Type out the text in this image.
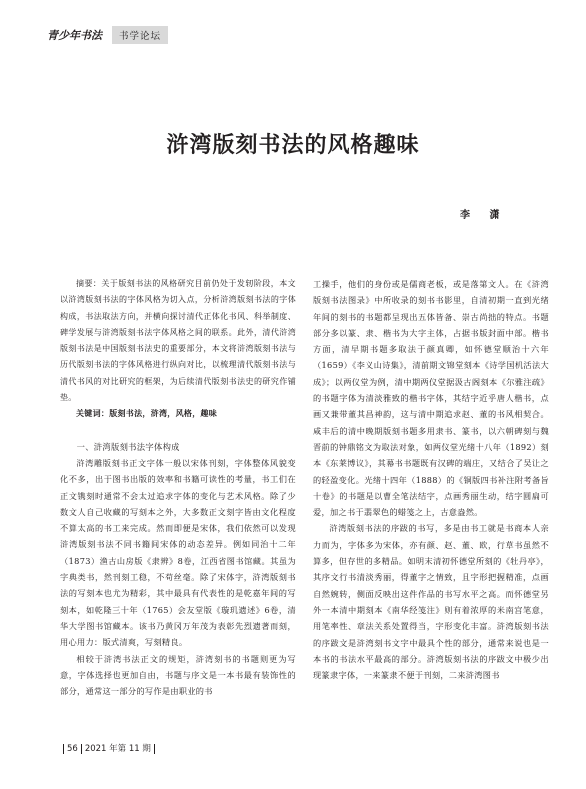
青少年书法	书学论坛
浒湾版刻书法的风格趣味
李 潇

摘要：关于版刻书法的风格研究目前仍处于发轫阶段，本文以浒湾版刻书法的字体风格为切入点，分析浒湾版刻书法的字体构成，书法取法方向，并横向探讨清代正体化书风、科举制度、碑学发展与浒湾版刻书法字体风格之间的联系。此外，清代浒湾版刻书法是中国版刻书法史的重要部分，本文将浒湾版刻书法与历代版刻书法的字体风格进行纵向对比，以梳理清代版刻书法与清代书风的对比研究的框架，为后续清代版刻书法史的研究作铺垫。

关键词：版刻书法，浒湾，风格，趣味

一、浒湾版刻书法字体构成

浒湾雕版刻书正文字体一般以宋体刊刻，字体整体风貌变化不多，出于图书出版的效率和书籍可读性的考量，书工们在正文镌刻时通常不会太过追求字体的变化与艺术风格。除了少数文人自己收藏的写刻本之外，大多数正文刻字皆由文化程度不算太高的书工来完成。然而即便是宋体，我们依然可以发现浒湾版刻书法不同书籍间宋体的动态差异。例如同治十二年（1873）渔古山房版《隶辨》8卷，江西省图书馆藏。其虽为字典类书，然刊刻工稳，不苟丝毫。除了宋体字，浒湾版刻书法的写刻本也尤为精彩，其中最具有代表性的是乾嘉年间的写刻本，如乾隆三十年（1765）会友堂版《璇玑遗述》6卷，清华大学图书馆藏本。该书乃黄冈万年茂为表彰先烈遗著而刻，用心用力：版式清爽，写刻精良。

相较于浒湾书法正文的规矩，浒湾刻书的书题则更为写意，字体选择也更加自由，书题与序文是一本书最有装饰性的部分，通常这一部分的写作是由职业的书

工操手，他们的身份或是儒商老板，或是落第文人。在《浒湾版刻书法图录》中所收录的刻书书影里，自清初期一直到光绪年间的刻书的书题都呈现出五体皆备、崇古尚拙的特点。书题部分多以篆、隶、楷书为大字主体，占据书版封面中部。楷书方面，清早期书题多取法于颜真卿，如怀德堂顺治十六年（1659）《李义山诗集》，清前期文锦堂刻本《诗学国机活法大成》；以两仪堂为例，清中期两仪堂据汲古阁刻本《尔雅注疏》的书题字体为清淡雅致的楷书字体，其结字近乎唐人楷书，点画又兼带董其昌神韵，这与清中期追求赵、董的书风相契合。咸丰后的清中晚期版刻书题多用隶书、篆书，以六朝碑刻与魏晋前的钟鼎铭文为取法对象，如两仪堂光绪十八年（1892）刻本《东莱博议》，其幕书书题既有汉碑的端庄，又结合了吴让之的轻盈变化。光绪十四年（1888）的《铜版四书补注附考备旨十卷》的书题是以曹全笔法结字，点画秀丽生动，结字圆扁可爱，加之书于翡翠色的蜡笺之上，古意盎然。

浒湾版刻书法的序跋的书写，多是由书工就是书商本人亲力而为，字体多为宋体，亦有颜、赵、董、欧，行草书虽然不算多，但存世的多精品。如明末清初怀德堂所刻的《牡丹亭》，其序文行书清淡秀丽，得董字之情致，且字形把握精准，点画自然婉转，侧面反映出这件作品的书写水平之高。而怀德堂另外一本清中期刻本《南华经笺注》则有着浓厚的米南宫笔意，用笔率性、章法关系处置得当，字形变化丰富。浒湾版刻书法的序跋文是浒湾刻书文字中最具个性的部分，通常来说也是一本书的书法水平最高的部分。浒湾版刻书法的序跋文中极少出现篆隶字体，一来篆隶不便于刊刻，二来浒湾图书

56 2021 年第 11 期
